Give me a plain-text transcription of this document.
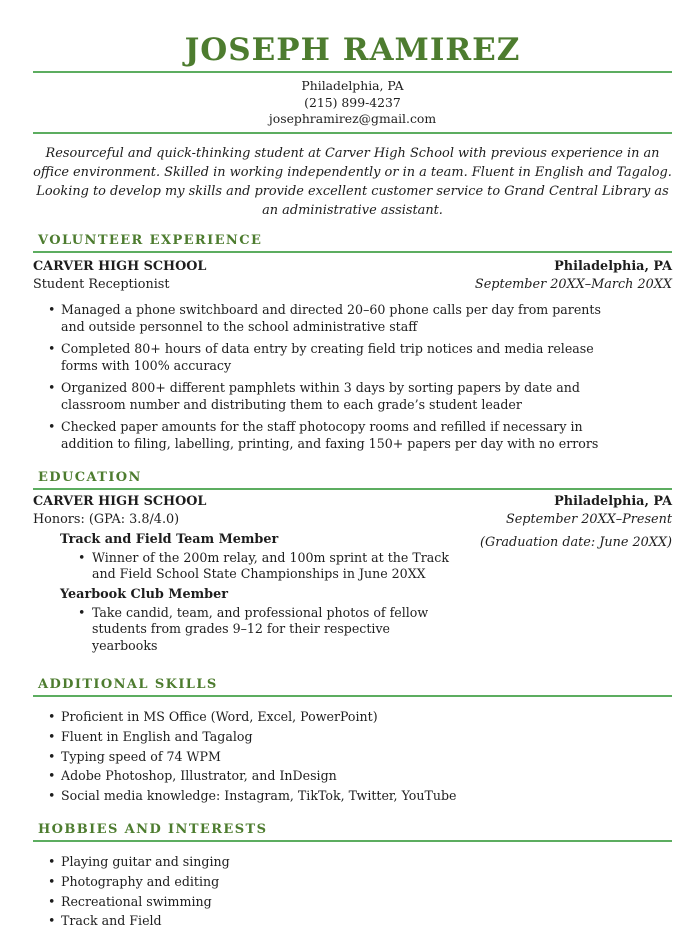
JOSEPH RAMIREZ
Philadelphia, PA
(215) 899-4237
josephramirez@gmail.com

Resourceful and quick-thinking student at Carver High School with previous experience in an office environment. Skilled in working independently or in a team. Fluent in English and Tagalog. Looking to develop my skills and provide excellent customer service to Grand Central Library as an administrative assistant.

VOLUNTEER EXPERIENCE
CARVER HIGH SCHOOL	Philadelphia, PA
Student Receptionist	September 20XX–March 20XX
•
Managed a phone switchboard and directed 20–60 phone calls per day from parents and outside personnel to the school administrative staff
•
Completed 80+ hours of data entry by creating field trip notices and media release forms with 100% accuracy
•
Organized 800+ different pamphlets within 3 days by sorting papers by date and classroom number and distributing them to each grade’s student leader
•
Checked paper amounts for the staff photocopy rooms and refilled if necessary in addition to filing, labelling, printing, and faxing 150+ papers per day with no errors
EDUCATION
CARVER HIGH SCHOOL	Philadelphia, PA
Honors: (GPA: 3.8/4.0)	September 20XX–Present
Track and Field Team Member
•
Winner of the 200m relay, and 100m sprint at the Track and Field School State Championships in June 20XX
Yearbook Club Member
•
Take candid, team, and professional photos of fellow students from grades 9–12 for their respective yearbooks
(Graduation date: June 20XX)
ADDITIONAL SKILLS
•
Proficient in MS Office (Word, Excel, PowerPoint)
•
Fluent in English and Tagalog
•
Typing speed of 74 WPM
•
Adobe Photoshop, Illustrator, and InDesign
•
Social media knowledge: Instagram, TikTok, Twitter, YouTube
HOBBIES AND INTERESTS
•
Playing guitar and singing
•
Photography and editing
•
Recreational swimming
•
Track and Field
